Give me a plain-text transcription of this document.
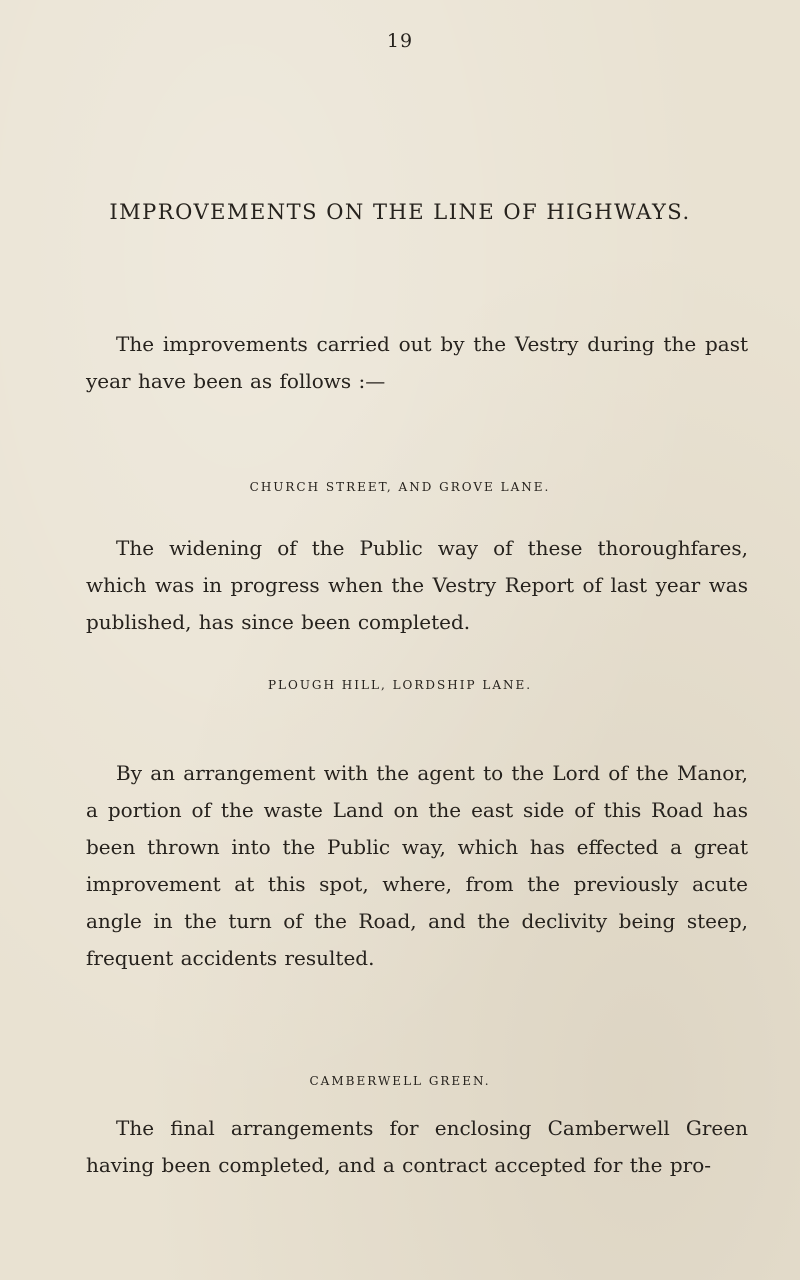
19
IMPROVEMENTS ON THE LINE OF HIGHWAYS.

The improvements carried out by the Vestry during the past year have been as follows :—

CHURCH STREET, AND GROVE LANE.

The widening of the Public way of these thoroughfares, which was in progress when the Vestry Report of last year was published, has since been completed.

PLOUGH HILL, LORDSHIP LANE.

By an arrangement with the agent to the Lord of the Manor, a portion of the waste Land on the east side of this Road has been thrown into the Public way, which has effected a great improvement at this spot, where, from the previously acute angle in the turn of the Road, and the declivity being steep, frequent accidents resulted.

CAMBERWELL GREEN.

The final arrangements for enclosing Camberwell Green having been completed, and a contract accepted for the pro-
